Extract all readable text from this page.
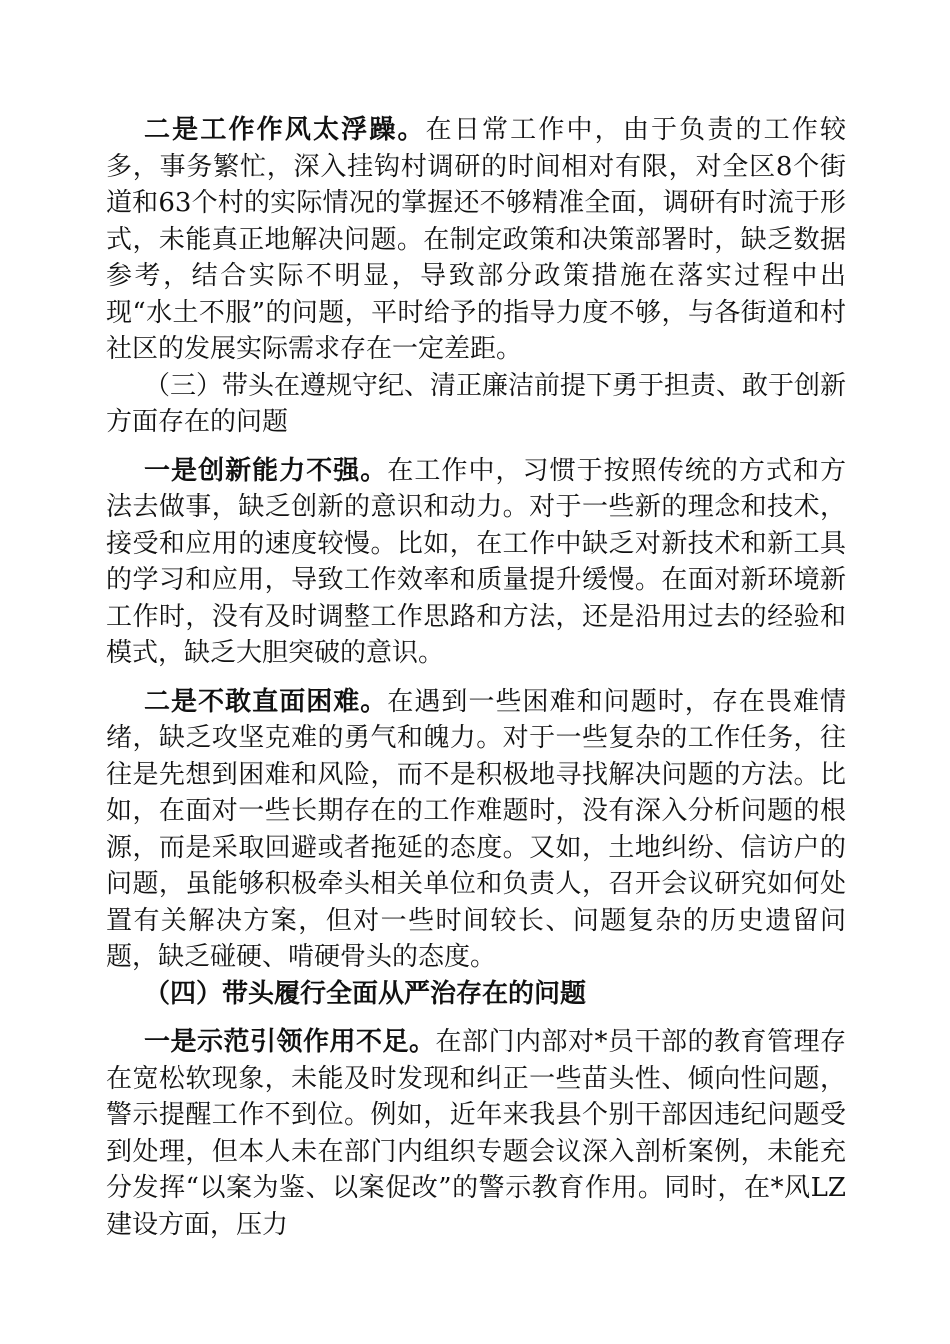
二是工作作风太浮躁。在日常工作中，由于负责的工作较多，事务繁忙，深入挂钩村调研的时间相对有限，对全区8个街道和63个村的实际情况的掌握还不够精准全面，调研有时流于形式，未能真正地解决问题。在制定政策和决策部署时，缺乏数据参考，结合实际不明显，导致部分政策措施在落实过程中出现“水土不服”的问题，平时给予的指导力度不够，与各街道和村社区的发展实际需求存在一定差距。

（三）带头在遵规守纪、清正廉洁前提下勇于担责、敢于创新方面存在的问题

一是创新能力不强。在工作中，习惯于按照传统的方式和方法去做事，缺乏创新的意识和动力。对于一些新的理念和技术，接受和应用的速度较慢。比如，在工作中缺乏对新技术和新工具的学习和应用，导致工作效率和质量提升缓慢。在面对新环境新工作时，没有及时调整工作思路和方法，还是沿用过去的经验和模式，缺乏大胆突破的意识。

二是不敢直面困难。在遇到一些困难和问题时，存在畏难情绪，缺乏攻坚克难的勇气和魄力。对于一些复杂的工作任务，往往是先想到困难和风险，而不是积极地寻找解决问题的方法。比如，在面对一些长期存在的工作难题时，没有深入分析问题的根源，而是采取回避或者拖延的态度。又如，土地纠纷、信访户的问题，虽能够积极牵头相关单位和负责人，召开会议研究如何处置有关解决方案，但对一些时间较长、问题复杂的历史遗留问题，缺乏碰硬、啃硬骨头的态度。

（四）带头履行全面从严治存在的问题

一是示范引领作用不足。在部门内部对*员干部的教育管理存在宽松软现象，未能及时发现和纠正一些苗头性、倾向性问题，警示提醒工作不到位。例如，近年来我县个别干部因违纪问题受到处理，但本人未在部门内组织专题会议深入剖析案例，未能充分发挥“以案为鉴、以案促改”的警示教育作用。同时，在*风LZ建设方面，压力
